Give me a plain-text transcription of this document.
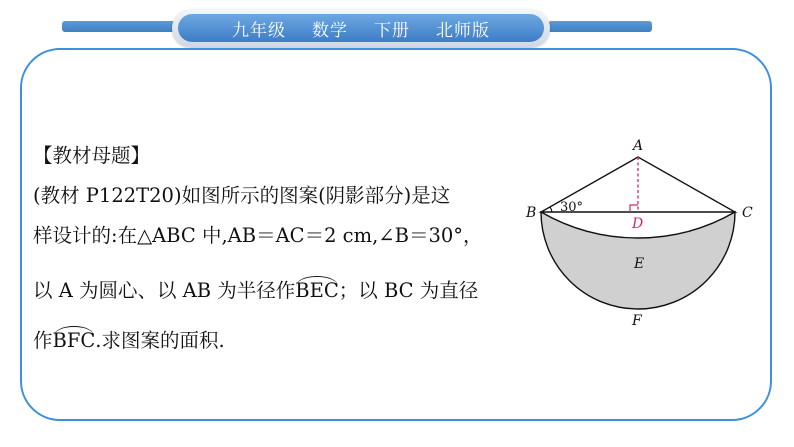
九年级 数学 下册 北师版
【教材母题】
(教材 P122T20)如图所示的图案(阴影部分)是这
样设计的:在△ABC 中,AB＝AC＝2 cm,∠B＝30°，
以 A 为圆心、以 AB 为半径作BEC；以 BC 为直径
作BFC.求图案的面积.
A
B	C
D
E
F
30°
